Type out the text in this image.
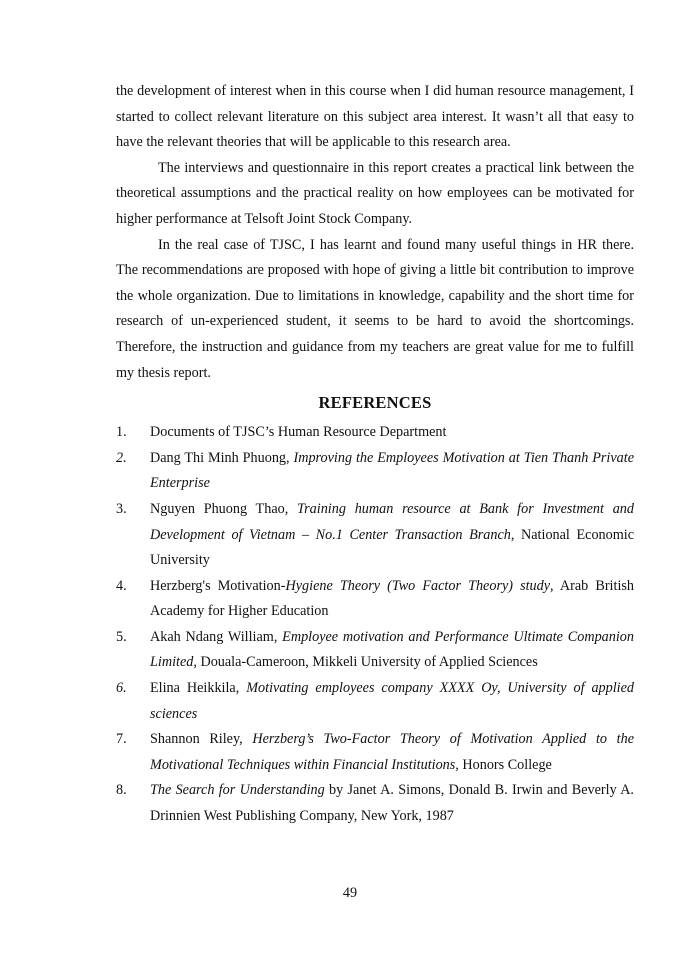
the development of interest when in this course when I did human resource management, I started to collect relevant literature on this subject area interest. It wasn’t all that easy to have the relevant theories that will be applicable to this research area.

The interviews and questionnaire in this report creates a practical link between the theoretical assumptions and the practical reality on how employees can be motivated for higher performance at Telsoft Joint Stock Company.

In the real case of TJSC, I has learnt and found many useful things in HR there. The recommendations are proposed with hope of giving a little bit contribution to improve the whole organization. Due to limitations in knowledge, capability and the short time for research of un-experienced student, it seems to be hard to avoid the shortcomings. Therefore, the instruction and guidance from my teachers are great value for me to fulfill my thesis report.

REFERENCES
1. Documents of TJSC’s Human Resource Department
2. Dang Thi Minh Phuong, Improving the Employees Motivation at Tien Thanh Private Enterprise
3. Nguyen Phuong Thao, Training human resource at Bank for Investment and Development of Vietnam – No.1 Center Transaction Branch, National Economic University
4. Herzberg's Motivation-Hygiene Theory (Two Factor Theory) study, Arab British Academy for Higher Education
5. Akah Ndang William, Employee motivation and Performance Ultimate Companion Limited, Douala-Cameroon, Mikkeli University of Applied Sciences
6. Elina Heikkila, Motivating employees company XXXX Oy, University of applied sciences
7. Shannon Riley, Herzberg’s Two-Factor Theory of Motivation Applied to the Motivational Techniques within Financial Institutions, Honors College
8. The Search for Understanding by Janet A. Simons, Donald B. Irwin and Beverly A. Drinnien West Publishing Company, New York, 1987
49
